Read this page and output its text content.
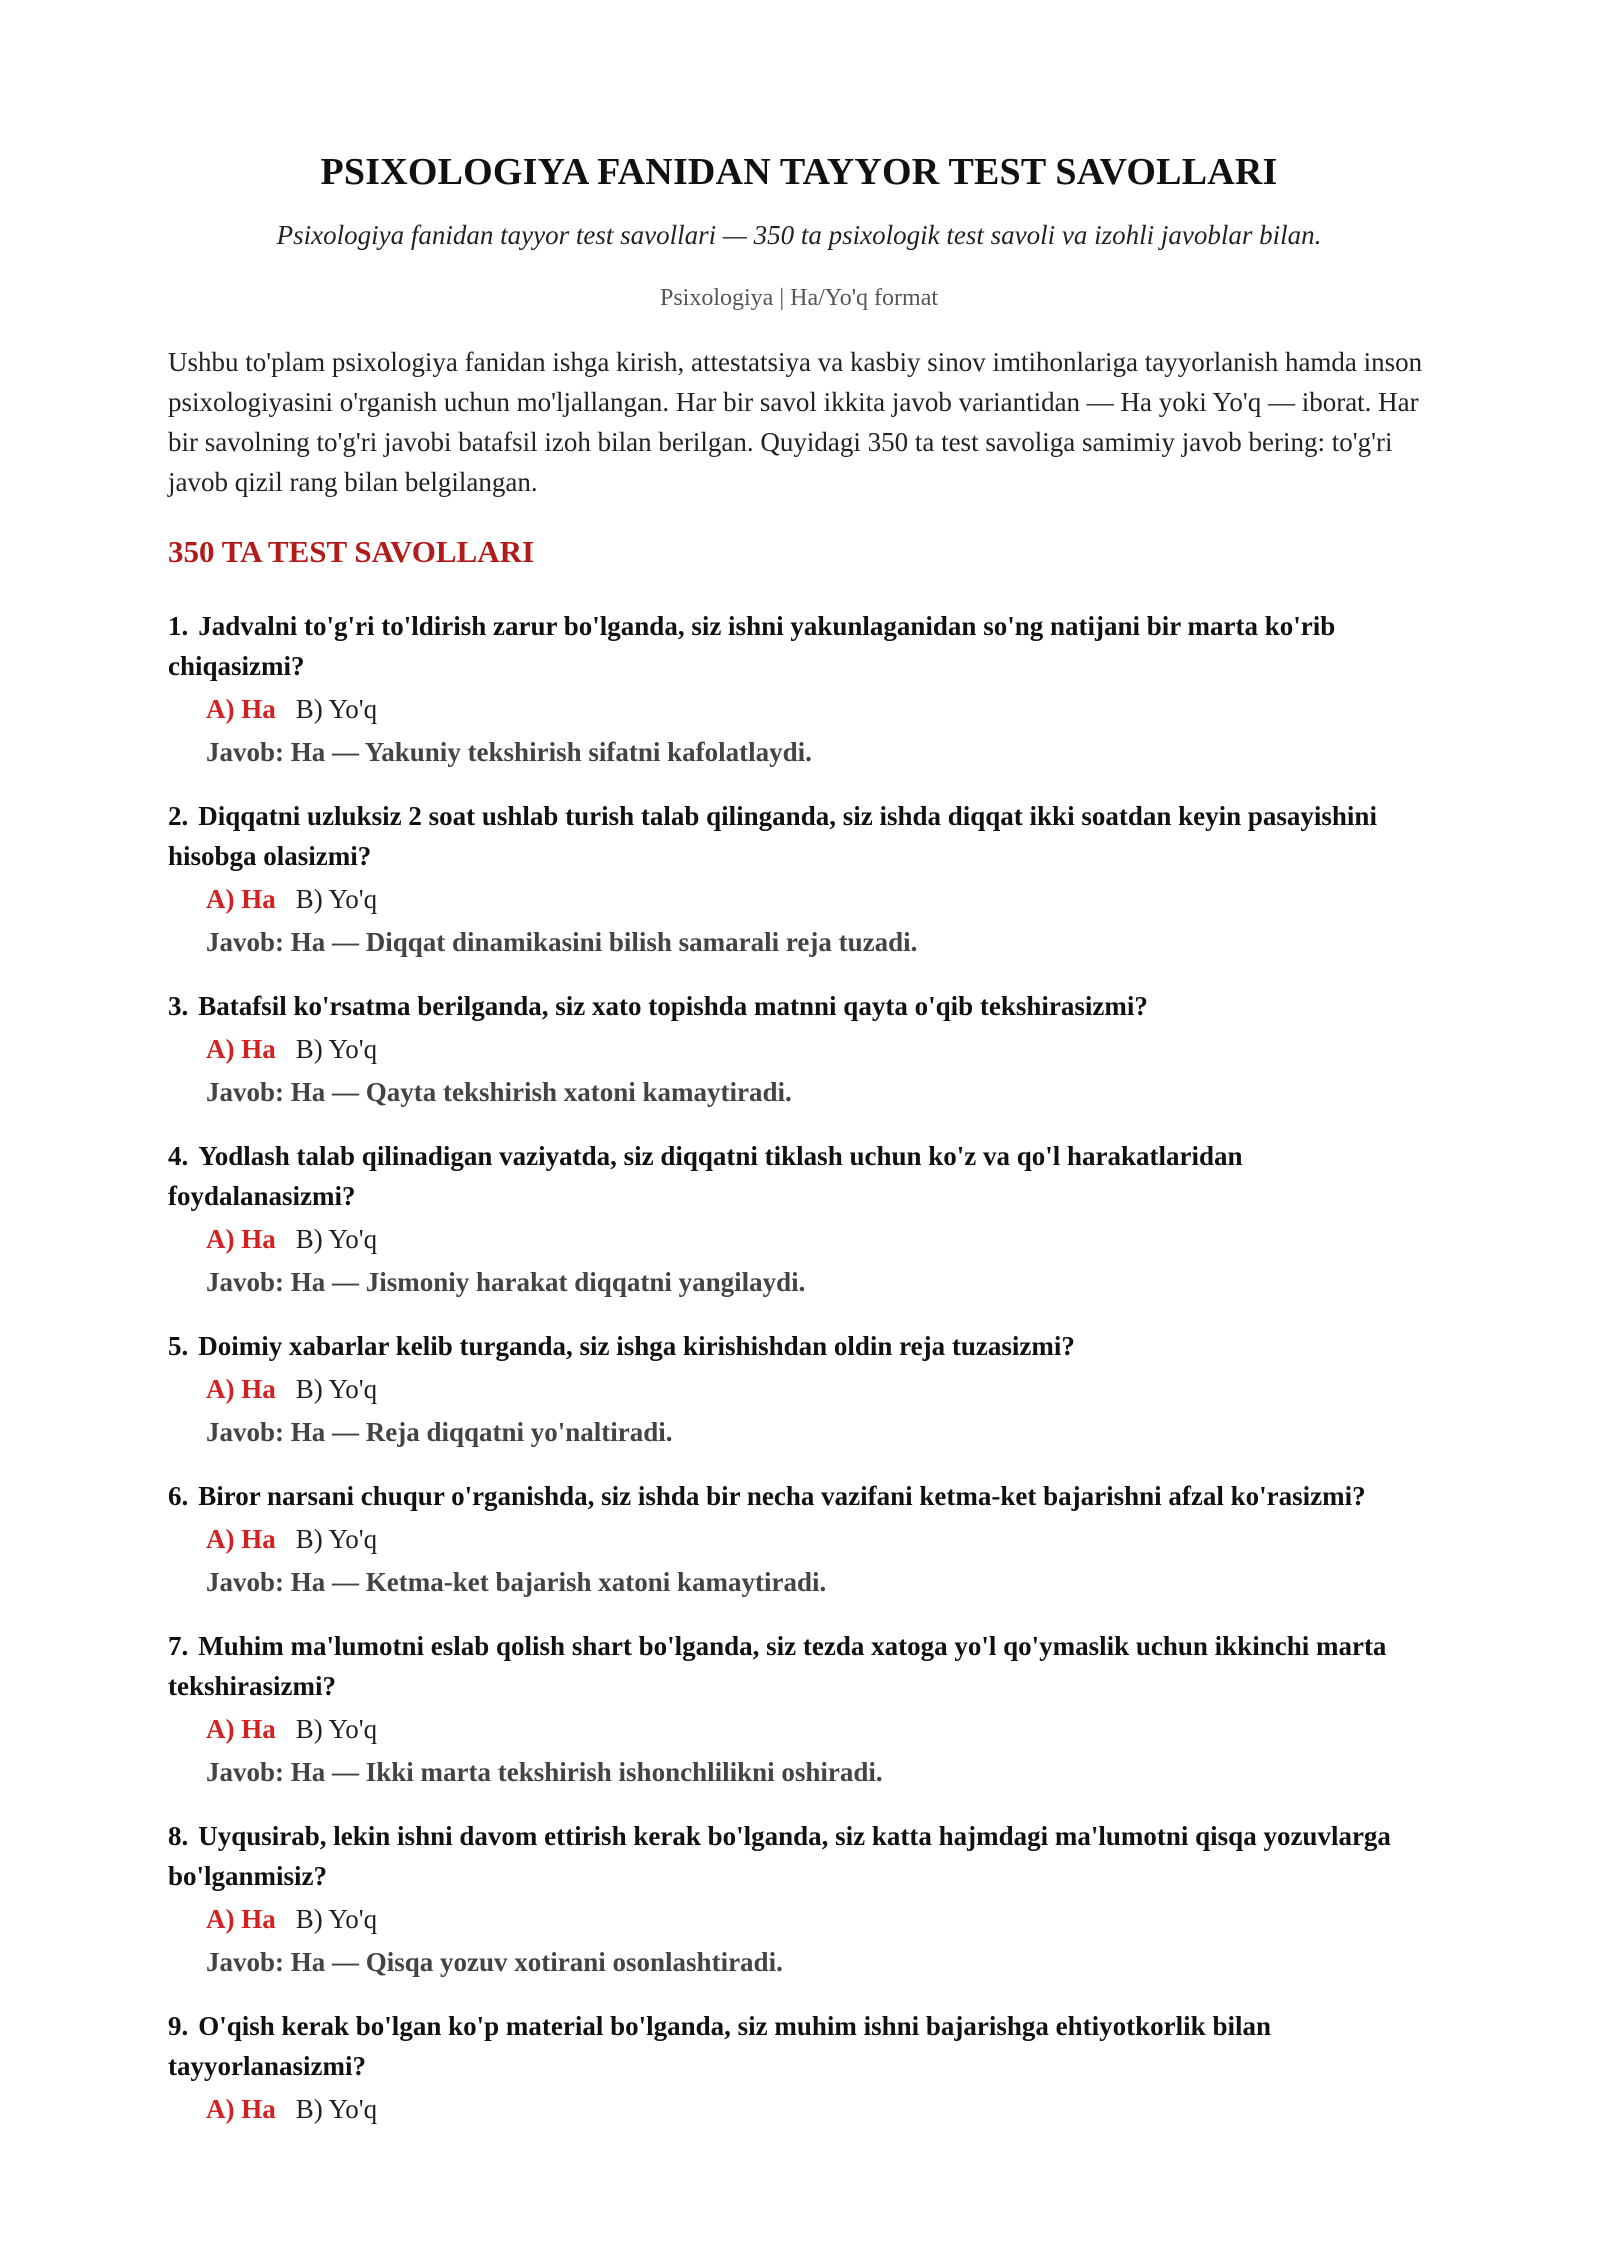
PSIXOLOGIYA FANIDAN TAYYOR TEST SAVOLLARI

Psixologiya fanidan tayyor test savollari — 350 ta psixologik test savoli va izohli javoblar bilan.

Psixologiya | Ha/Yo'q format

Ushbu to'plam psixologiya fanidan ishga kirish, attestatsiya va kasbiy sinov imtihonlariga tayyorlanish hamda inson psixologiyasini o'rganish uchun mo'ljallangan. Har bir savol ikkita javob variantidan — Ha yoki Yo'q — iborat. Har bir savolning to'g'ri javobi batafsil izoh bilan berilgan. Quyidagi 350 ta test savoliga samimiy javob bering: to'g'ri javob qizil rang bilan belgilangan.

350 TA TEST SAVOLLARI
1. Jadvalni to'g'ri to'ldirish zarur bo'lganda, siz ishni yakunlaganidan so'ng natijani bir marta ko'rib chiqasizmi?
A) Ha B) Yo'q
Javob: Ha — Yakuniy tekshirish sifatni kafolatlaydi.
2. Diqqatni uzluksiz 2 soat ushlab turish talab qilinganda, siz ishda diqqat ikki soatdan keyin pasayishini hisobga olasizmi?
A) Ha B) Yo'q
Javob: Ha — Diqqat dinamikasini bilish samarali reja tuzadi.
3. Batafsil ko'rsatma berilganda, siz xato topishda matnni qayta o'qib tekshirasizmi?
A) Ha B) Yo'q
Javob: Ha — Qayta tekshirish xatoni kamaytiradi.
4. Yodlash talab qilinadigan vaziyatda, siz diqqatni tiklash uchun ko'z va qo'l harakatlaridan foydalanasizmi?
A) Ha B) Yo'q
Javob: Ha — Jismoniy harakat diqqatni yangilaydi.
5. Doimiy xabarlar kelib turganda, siz ishga kirishishdan oldin reja tuzasizmi?
A) Ha B) Yo'q
Javob: Ha — Reja diqqatni yo'naltiradi.
6. Biror narsani chuqur o'rganishda, siz ishda bir necha vazifani ketma-ket bajarishni afzal ko'rasizmi?
A) Ha B) Yo'q
Javob: Ha — Ketma-ket bajarish xatoni kamaytiradi.
7. Muhim ma'lumotni eslab qolish shart bo'lganda, siz tezda xatoga yo'l qo'ymaslik uchun ikkinchi marta tekshirasizmi?
A) Ha B) Yo'q
Javob: Ha — Ikki marta tekshirish ishonchlilikni oshiradi.
8. Uyqusirab, lekin ishni davom ettirish kerak bo'lganda, siz katta hajmdagi ma'lumotni qisqa yozuvlarga bo'lganmisiz?
A) Ha B) Yo'q
Javob: Ha — Qisqa yozuv xotirani osonlashtiradi.
9. O'qish kerak bo'lgan ko'p material bo'lganda, siz muhim ishni bajarishga ehtiyotkorlik bilan tayyorlanasizmi?
A) Ha B) Yo'q
